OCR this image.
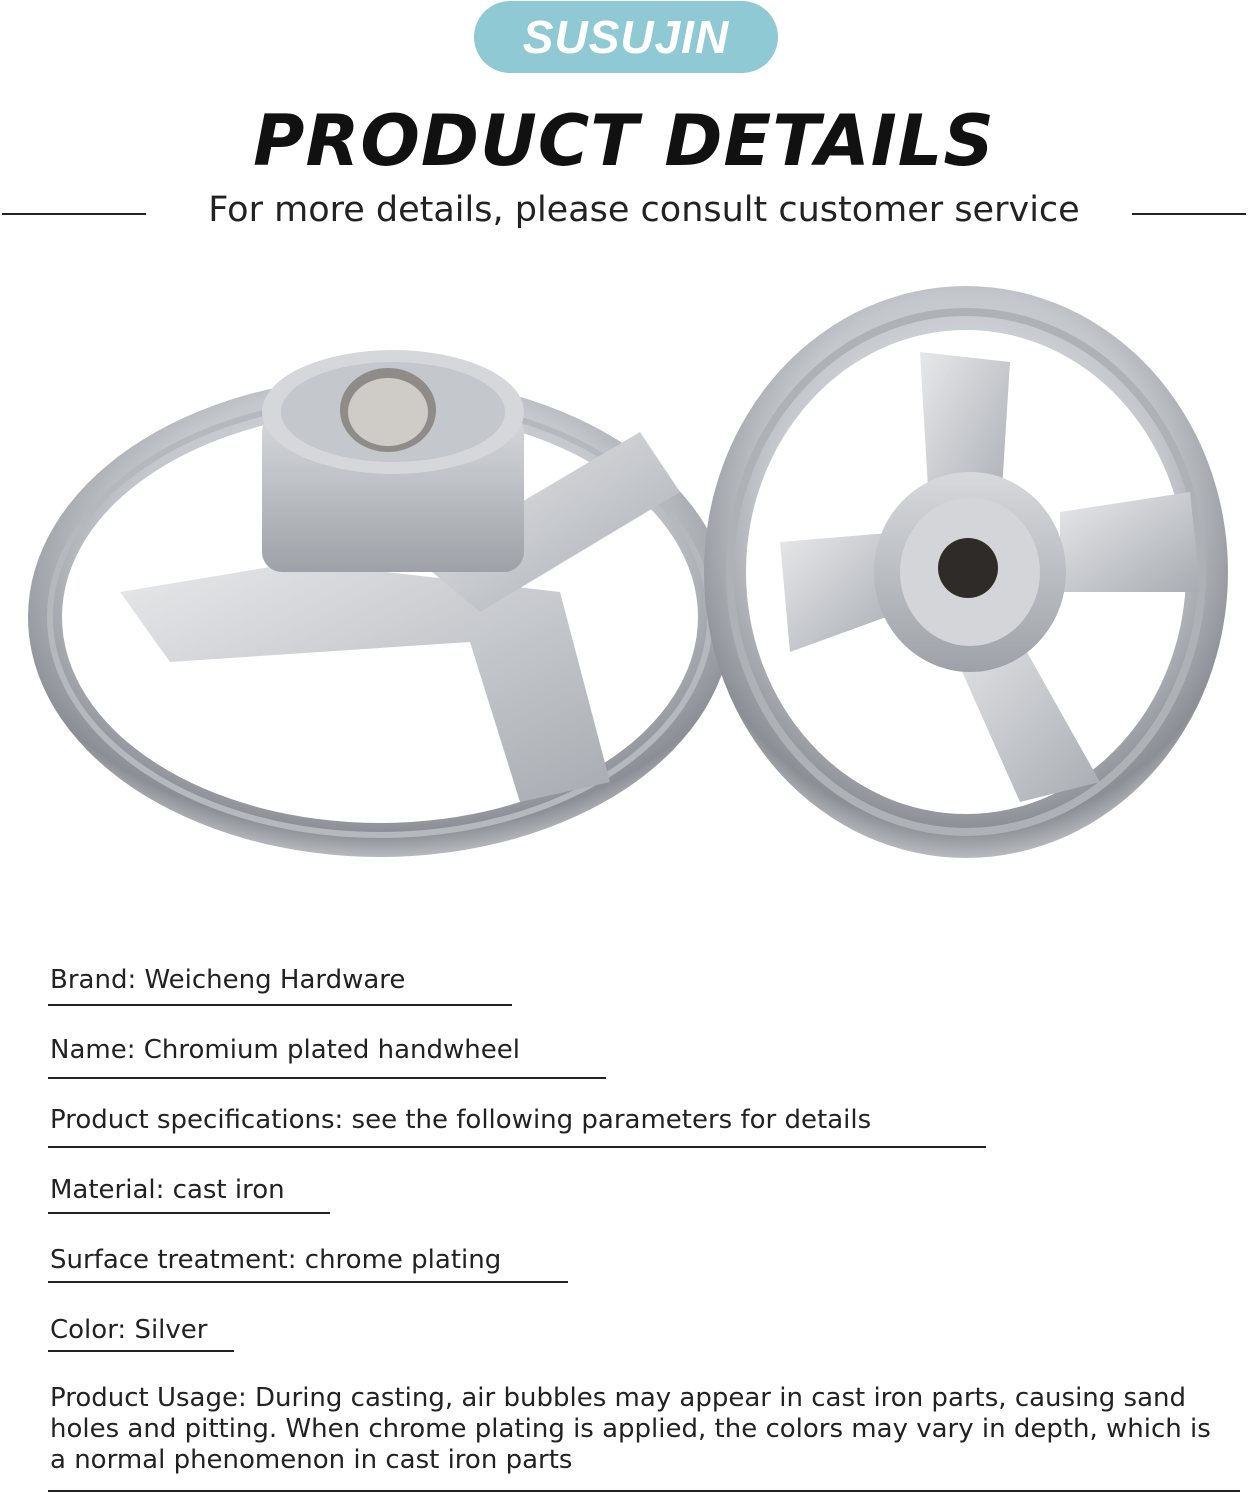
SUSUJIN
PRODUCT DETAILS
For more details, please consult customer service
Brand: Weicheng Hardware
Name: Chromium plated handwheel
Product specifications: see the following parameters for details
Material: cast iron
Surface treatment: chrome plating
Color: Silver
Product Usage: During casting, air bubbles may appear in cast iron parts, causing sand holes and pitting. When chrome plating is applied, the colors may vary in depth, which is a normal phenomenon in cast iron parts
